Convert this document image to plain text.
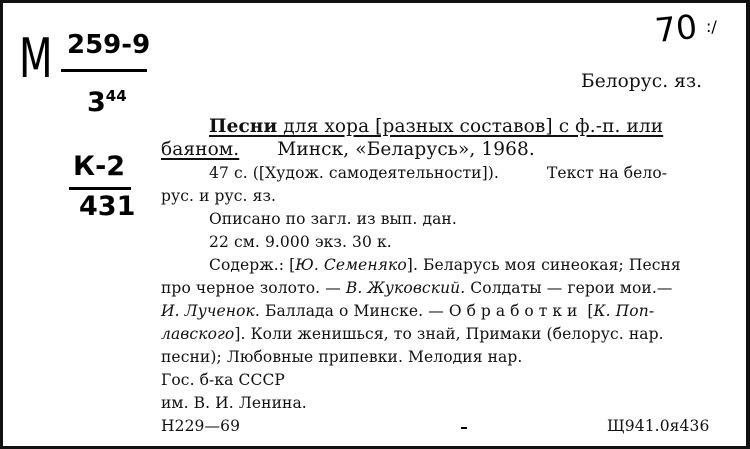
М 259-9
$3^{44}$
К-2
431
70 :/
Белорус. яз.
Песни для хора [разных составов] с ф.-п. или
баяном. Минск, «Беларусь», 1968.
47 с. ([Худож. самодеятельности]).	Текст на бело-
рус. и рус. яз.
Описано по загл. из вып. дан.
22 см. 9.000 экз. 30 к.
Содерж.: [Ю. Семеняко]. Беларусь моя синеокая; Песня
про черное золото. — В. Жуковский. Солдаты — герои мои.—
И. Лученок. Баллада о Минске. — Обработки [К. Поп-
лавского]. Коли женишься, то знай, Примаки (белорус. нар.
песни); Любовные припевки. Мелодия нар.
Гос. б-ка СССР
им. В. И. Ленина.
Н229—69	Щ941.0я436
